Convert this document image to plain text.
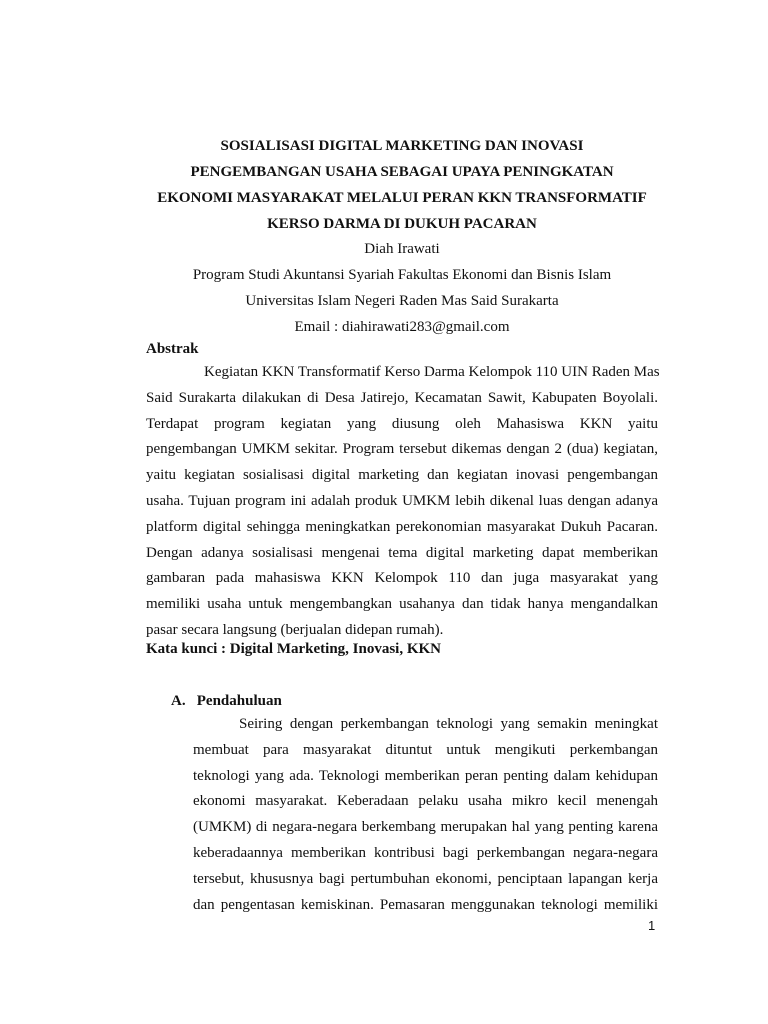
SOSIALISASI DIGITAL MARKETING DAN INOVASI
PENGEMBANGAN USAHA SEBAGAI UPAYA PENINGKATAN
EKONOMI MASYARAKAT MELALUI PERAN KKN TRANSFORMATIF
KERSO DARMA DI DUKUH PACARAN
Diah Irawati
Program Studi Akuntansi Syariah Fakultas Ekonomi dan Bisnis Islam
Universitas Islam Negeri Raden Mas Said Surakarta
Email : diahirawati283@gmail.com
Abstrak
Kegiatan KKN Transformatif Kerso Darma Kelompok 110 UIN Raden Mas
Said Surakarta dilakukan di Desa Jatirejo, Kecamatan Sawit, Kabupaten Boyolali.
Terdapat program kegiatan yang diusung oleh Mahasiswa KKN yaitu
pengembangan UMKM sekitar. Program tersebut dikemas dengan 2 (dua) kegiatan,
yaitu kegiatan sosialisasi digital marketing dan kegiatan inovasi pengembangan
usaha. Tujuan program ini adalah produk UMKM lebih dikenal luas dengan adanya
platform digital sehingga meningkatkan perekonomian masyarakat Dukuh Pacaran.
Dengan adanya sosialisasi mengenai tema digital marketing dapat memberikan
gambaran pada mahasiswa KKN Kelompok 110 dan juga masyarakat yang
memiliki usaha untuk mengembangkan usahanya dan tidak hanya mengandalkan
pasar secara langsung (berjualan didepan rumah).
Kata kunci : Digital Marketing, Inovasi, KKN
A. Pendahuluan
Seiring dengan perkembangan teknologi yang semakin meningkat
membuat para masyarakat dituntut untuk mengikuti perkembangan
teknologi yang ada. Teknologi memberikan peran penting dalam kehidupan
ekonomi masyarakat. Keberadaan pelaku usaha mikro kecil menengah
(UMKM) di negara-negara berkembang merupakan hal yang penting karena
keberadaannya memberikan kontribusi bagi perkembangan negara-negara
tersebut, khususnya bagi pertumbuhan ekonomi, penciptaan lapangan kerja
dan pengentasan kemiskinan. Pemasaran menggunakan teknologi memiliki
1
